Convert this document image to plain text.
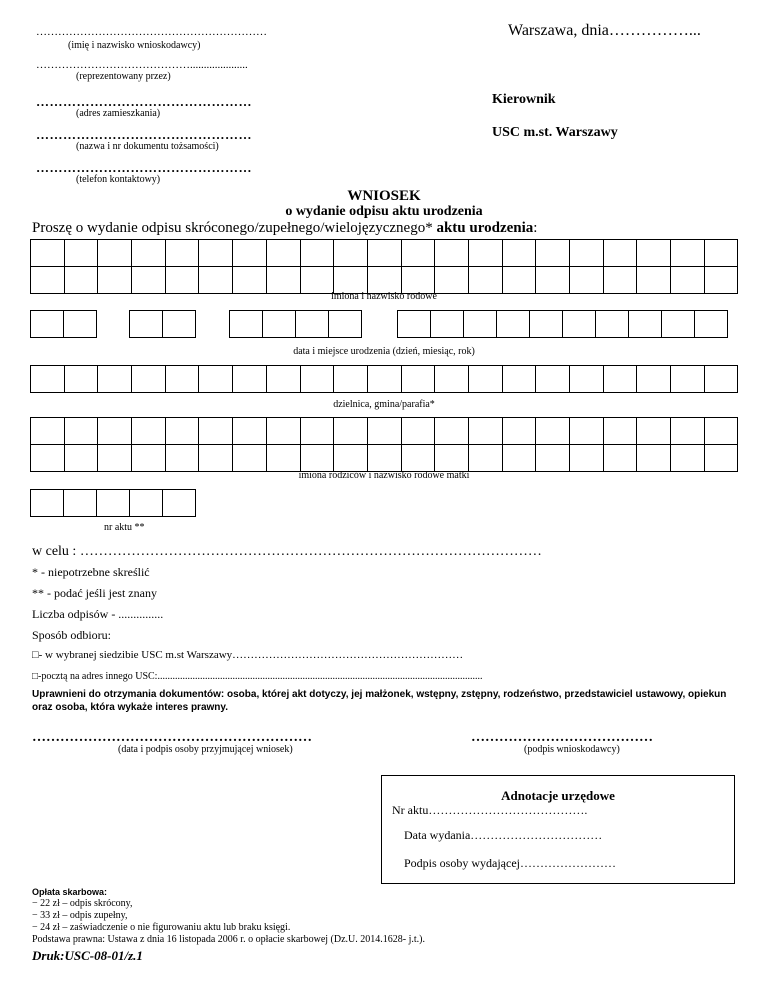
………………………………………………………
(imię i nazwisko wnioskodawcy)
…………………………………….....................
(reprezentowany przez)
…………………………………………
(adres zamieszkania)
…………………………………………
(nazwa i nr dokumentu tożsamości)
…………………………………………
(telefon kontaktowy)
Warszawa, dnia……………...
Kierownik
USC m.st. Warszawy
WNIOSEK
o wydanie odpisu aktu urodzenia
Proszę o wydanie odpisu skróconego/zupełnego/wielojęzycznego* aktu urodzenia:
imiona i nazwisko rodowe
data i miejsce urodzenia (dzień, miesiąc, rok)
dzielnica, gmina/parafia*
imiona rodziców i nazwisko rodowe matki
nr aktu **
w celu : ………………………………………………………………………………………
* - niepotrzebne skreślić
** - podać jeśli jest znany
Liczba odpisów - ...............
Sposób odbioru:
□- w wybranej siedzibie USC m.st Warszawy………………………………………………………
□-pocztą na adres innego USC:..................................................................................................................................
Uprawnieni do otrzymania dokumentów: osoba, której akt dotyczy, jej małżonek, wstępny, zstępny, rodzeństwo, przedstawiciel ustawowy, opiekun oraz osoba, która wykaże interes prawny.
……………………………………………………
(data i podpis osoby przyjmującej wniosek)
…………………………………
(podpis wnioskodawcy)
Adnotacje urzędowe
Nr aktu………………………………….
Data wydania……………………………
Podpis osoby wydającej……………………
Opłata skarbowa:
− 22 zł – odpis skrócony,
− 33 zł – odpis zupełny,
− 24 zł – zaświadczenie o nie figurowaniu aktu lub braku księgi.
Podstawa prawna: Ustawa z dnia 16 listopada 2006 r. o opłacie skarbowej (Dz.U. 2014.1628- j.t.).
Druk:USC-08-01/z.1
